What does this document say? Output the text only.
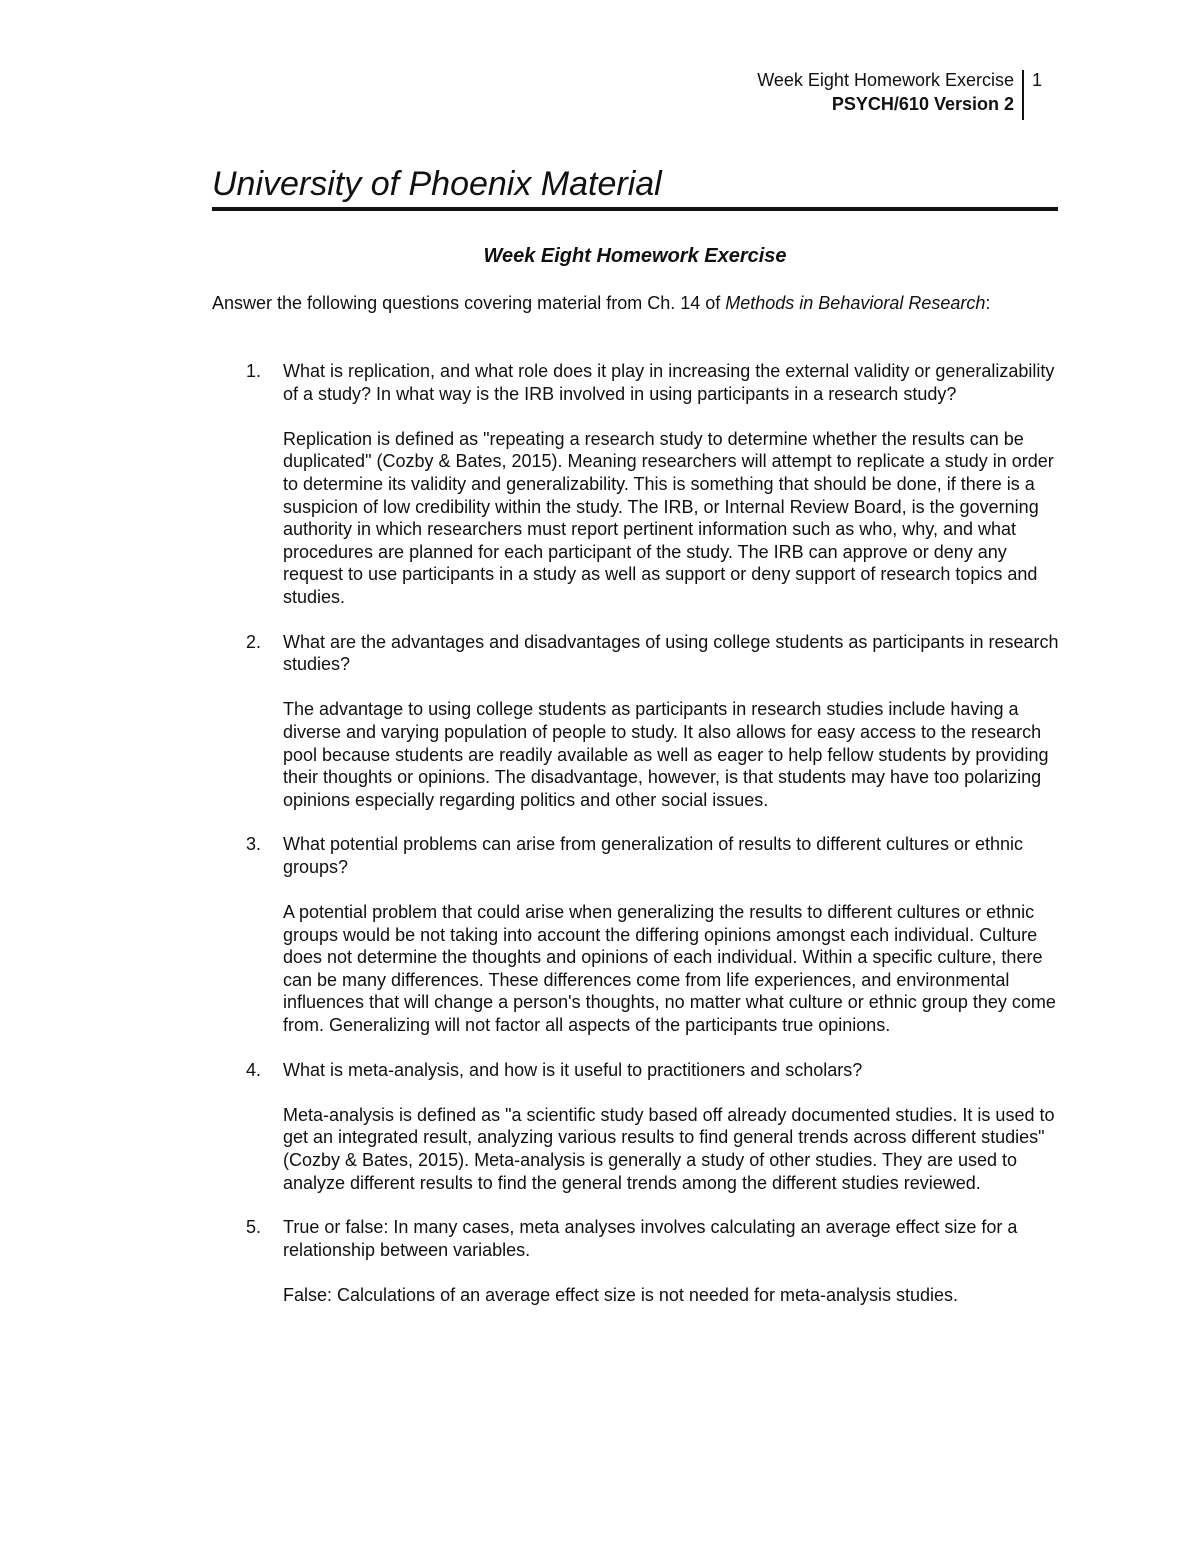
Week Eight Homework Exercise
PSYCH/610 Version 2
1
University of Phoenix Material
Week Eight Homework Exercise
Answer the following questions covering material from Ch. 14 of Methods in Behavioral Research:
1. What is replication, and what role does it play in increasing the external validity or generalizability of a study? In what way is the IRB involved in using participants in a research study?
Replication is defined as "repeating a research study to determine whether the results can be duplicated" (Cozby & Bates, 2015). Meaning researchers will attempt to replicate a study in order to determine its validity and generalizability. This is something that should be done, if there is a suspicion of low credibility within the study. The IRB, or Internal Review Board, is the governing authority in which researchers must report pertinent information such as who, why, and what procedures are planned for each participant of the study. The IRB can approve or deny any request to use participants in a study as well as support or deny support of research topics and studies.
2. What are the advantages and disadvantages of using college students as participants in research studies?
The advantage to using college students as participants in research studies include having a diverse and varying population of people to study. It also allows for easy access to the research pool because students are readily available as well as eager to help fellow students by providing their thoughts or opinions. The disadvantage, however, is that students may have too polarizing opinions especially regarding politics and other social issues.
3. What potential problems can arise from generalization of results to different cultures or ethnic groups?
A potential problem that could arise when generalizing the results to different cultures or ethnic groups would be not taking into account the differing opinions amongst each individual. Culture does not determine the thoughts and opinions of each individual. Within a specific culture, there can be many differences. These differences come from life experiences, and environmental influences that will change a person's thoughts, no matter what culture or ethnic group they come from. Generalizing will not factor all aspects of the participants true opinions.
4. What is meta-analysis, and how is it useful to practitioners and scholars?
Meta-analysis is defined as "a scientific study based off already documented studies. It is used to get an integrated result, analyzing various results to find general trends across different studies" (Cozby & Bates, 2015). Meta-analysis is generally a study of other studies. They are used to analyze different results to find the general trends among the different studies reviewed.
5. True or false: In many cases, meta analyses involves calculating an average effect size for a relationship between variables.
False: Calculations of an average effect size is not needed for meta-analysis studies.
